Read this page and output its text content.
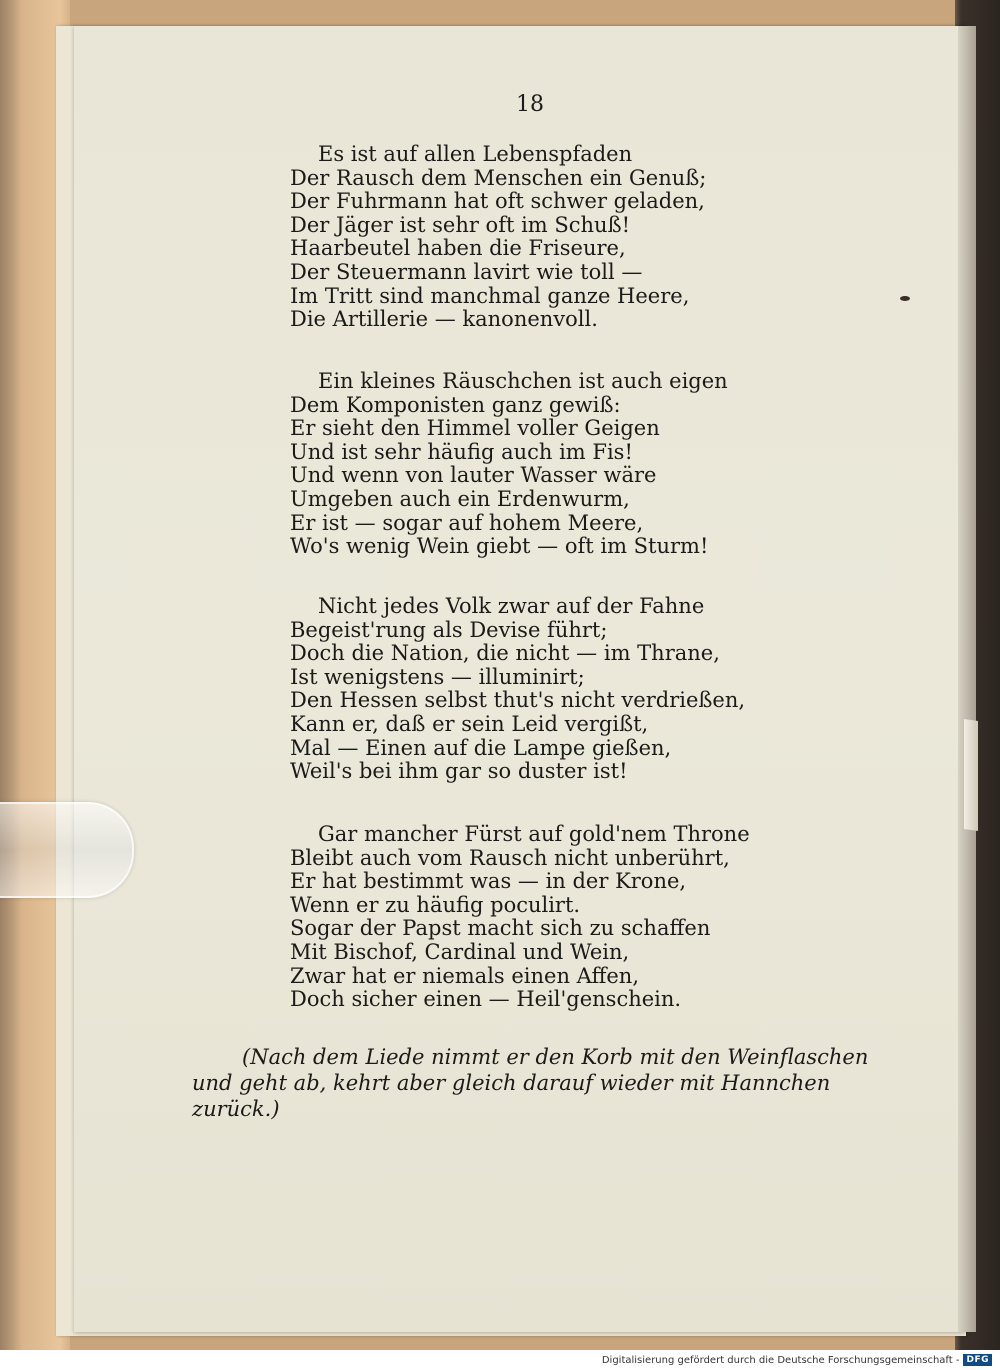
18
Es ist auf allen Lebenspfaden
Der Rausch dem Menschen ein Genuß;
Der Fuhrmann hat oft schwer geladen,
Der Jäger ist sehr oft im Schuß!
Haarbeutel haben die Friseure,
Der Steuermann lavirt wie toll —
Im Tritt sind manchmal ganze Heere,
Die Artillerie — kanonenvoll.
Ein kleines Räuschchen ist auch eigen
Dem Komponisten ganz gewiß:
Er sieht den Himmel voller Geigen
Und ist sehr häufig auch im Fis!
Und wenn von lauter Wasser wäre
Umgeben auch ein Erdenwurm,
Er ist — sogar auf hohem Meere,
Wo's wenig Wein giebt — oft im Sturm!
Nicht jedes Volk zwar auf der Fahne
Begeist'rung als Devise führt;
Doch die Nation, die nicht — im Thrane,
Ist wenigstens — illuminirt;
Den Hessen selbst thut's nicht verdrießen,
Kann er, daß er sein Leid vergißt,
Mal — Einen auf die Lampe gießen,
Weil's bei ihm gar so duster ist!
Gar mancher Fürst auf gold'nem Throne
Bleibt auch vom Rausch nicht unberührt,
Er hat bestimmt was — in der Krone,
Wenn er zu häufig poculirt.
Sogar der Papst macht sich zu schaffen
Mit Bischof, Cardinal und Wein,
Zwar hat er niemals einen Affen,
Doch sicher einen — Heil'genschein.
(Nach dem Liede nimmt er den Korb mit den Weinflaschen
und geht ab, kehrt aber gleich darauf wieder mit Hannchen zurück.)
Digitalisierung gefördert durch die Deutsche Forschungsgemeinschaft - DFG
